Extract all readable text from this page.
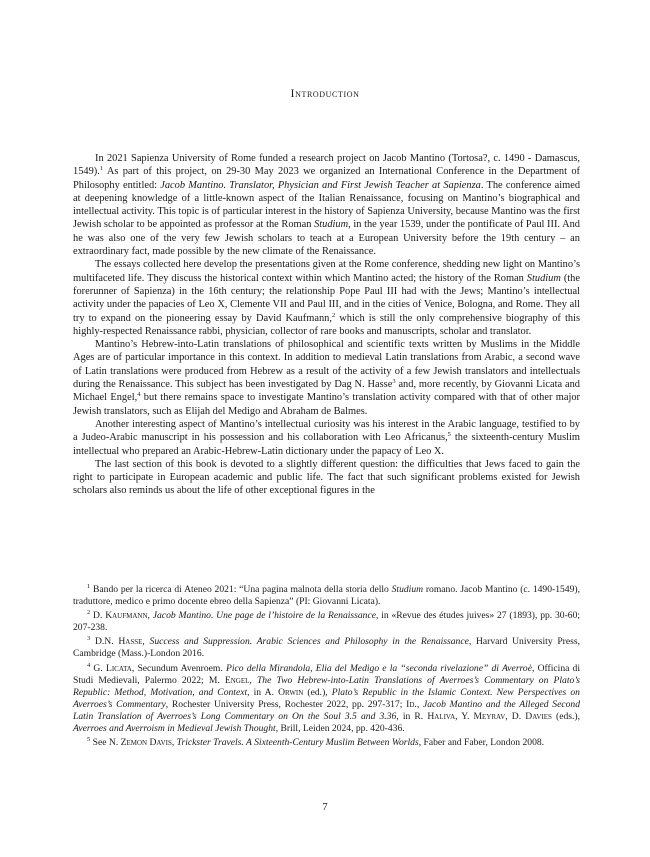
Introduction

In 2021 Sapienza University of Rome funded a research project on Jacob Mantino (Tortosa?, c. 1490 - Damascus, 1549).$^1$ As part of this project, on 29-30 May 2023 we organized an International Conference in the Department of Philosophy entitled: Jacob Mantino. Translator, Physician and First Jewish Teacher at Sapienza. The conference aimed at deepening knowledge of a little-known aspect of the Italian Renaissance, focusing on Mantino’s biographical and intellectual activity. This topic is of particular interest in the history of Sapienza University, because Mantino was the first Jewish scholar to be appointed as professor at the Roman Studium, in the year 1539, under the pontificate of Paul III. And he was also one of the very few Jewish scholars to teach at a European University before the 19th century – an extraordinary fact, made possible by the new climate of the Renaissance.

The essays collected here develop the presentations given at the Rome conference, shedding new light on Mantino’s multifaceted life. They discuss the historical context within which Mantino acted; the history of the Roman Studium (the forerunner of Sapienza) in the 16th century; the relationship Pope Paul III had with the Jews; Mantino’s intellectual activity under the papacies of Leo X, Clemente VII and Paul III, and in the cities of Venice, Bologna, and Rome. They all try to expand on the pioneering essay by David Kaufmann,$^2$ which is still the only comprehensive biography of this highly-respected Renaissance rabbi, physician, collector of rare books and manuscripts, scholar and translator.

Mantino’s Hebrew-into-Latin translations of philosophical and scientific texts written by Muslims in the Middle Ages are of particular importance in this context. In addition to medieval Latin translations from Arabic, a second wave of Latin translations were produced from Hebrew as a result of the activity of a few Jewish translators and intellectuals during the Renaissance. This subject has been investigated by Dag N. Hasse$^3$ and, more recently, by Giovanni Licata and Michael Engel,$^4$ but there remains space to investigate Mantino’s translation activity compared with that of other major Jewish translators, such as Elijah del Medigo and Abraham de Balmes.

Another interesting aspect of Mantino’s intellectual curiosity was his interest in the Arabic language, testified to by a Judeo-Arabic manuscript in his possession and his collaboration with Leo Africanus,$^5$ the sixteenth-century Muslim intellectual who prepared an Arabic-Hebrew-Latin dictionary under the papacy of Leo X.

The last section of this book is devoted to a slightly different question: the difficulties that Jews faced to gain the right to participate in European academic and public life. The fact that such significant problems existed for Jewish scholars also reminds us about the life of other exceptional figures in the

$^1$ Bando per la ricerca di Ateneo 2021: “Una pagina malnota della storia dello Studium romano. Jacob Mantino (c. 1490-1549), traduttore, medico e primo docente ebreo della Sapienza” (PI: Giovanni Licata).

$^2$ D. Kaufmann, Jacob Mantino. Une page de l’histoire de la Renaissance, in «Revue des études juives» 27 (1893), pp. 30-60; 207-238.

$^3$ D.N. Hasse, Success and Suppression. Arabic Sciences and Philosophy in the Renaissance, Harvard University Press, Cambridge (Mass.)-London 2016.

$^4$ G. Licata, Secundum Avenroem. Pico della Mirandola, Elia del Medigo e la “seconda rivelazione” di Averroè, Officina di Studi Medievali, Palermo 2022; M. Engel, The Two Hebrew-into-Latin Translations of Averroes’s Commentary on Plato’s Republic: Method, Motivation, and Context, in A. Orwin (ed.), Plato’s Republic in the Islamic Context. New Perspectives on Averroes’s Commentary, Rochester University Press, Rochester 2022, pp. 297-317; Id., Jacob Mantino and the Alleged Second Latin Translation of Averroes’s Long Commentary on On the Soul 3.5 and 3.36, in R. Haliva, Y. Meyrav, D. Davies (eds.), Averroes and Averroism in Medieval Jewish Thought, Brill, Leiden 2024, pp. 420-436.

$^5$ See N. Zemon Davis, Trickster Travels. A Sixteenth-Century Muslim Between Worlds, Faber and Faber, London 2008.

7
